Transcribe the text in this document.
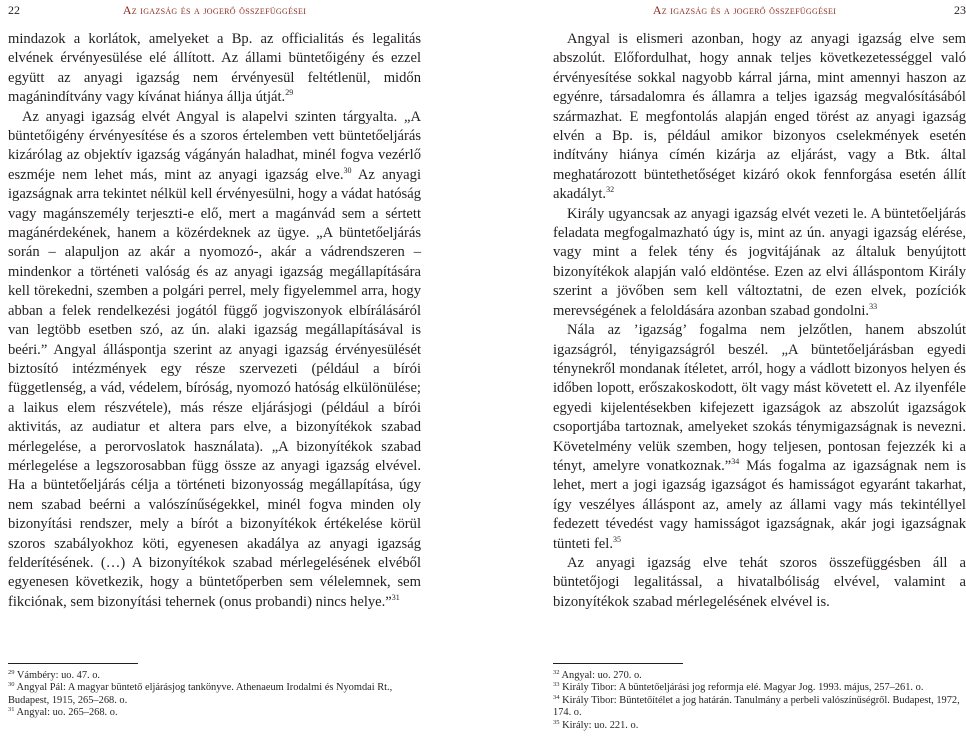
22	Az igazság és a jogerő összefüggései

mindazok a korlátok, amelyeket a Bp. az officialitás és legalitás elvének érvényesülése elé állított. Az állami büntetőigény és ezzel együtt az anyagi igazság nem érvényesül feltétlenül, midőn magánindítvány vagy kívánat hiánya állja útját.$^{29}$

Az anyagi igazság elvét Angyal is alapelvi szinten tárgyalta. „A büntetőigény érvényesítése és a szoros értelemben vett büntetőeljárás kizárólag az objektív igazság vágányán haladhat, minél fogva vezérlő eszméje nem lehet más, mint az anyagi igazság elve.$^{30}$ Az anyagi igazságnak arra tekintet nélkül kell érvényesülni, hogy a vádat hatóság vagy magánszemély terjeszti-e elő, mert a magánvád sem a sértett magánérdekének, hanem a közérdeknek az ügye. „A büntetőeljárás során – alapuljon az akár a nyomozó-, akár a vádrendszeren – mindenkor a történeti valóság és az anyagi igazság megállapítására kell törekedni, szemben a polgári perrel, mely figyelemmel arra, hogy abban a felek rendelkezési jogától függő jogviszonyok elbírálásáról van legtöbb esetben szó, az ún. alaki igazság megállapításával is beéri.” Angyal álláspontja szerint az anyagi igazság érvényesülését biztosító intézmények egy része szervezeti (például a bírói függetlenség, a vád, védelem, bíróság, nyomozó hatóság elkülönülése; a laikus elem részvétele), más része eljárásjogi (például a bírói aktivitás, az audiatur et altera pars elve, a bizonyítékok szabad mérlegelése, a perorvoslatok használata). „A bizonyítékok szabad mérlegelése a legszorosabban függ össze az anyagi igazság elvével. Ha a büntetőeljárás célja a történeti bizonyosság megállapítása, úgy nem szabad beérni a valószínűségekkel, minél fogva minden oly bizonyítási rendszer, mely a bírót a bizonyítékok értékelése körül szoros szabályokhoz köti, egyenesen akadálya az anyagi igazság felderítésének. (…) A bizonyítékok szabad mérlegelésének elvéből egyenesen következik, hogy a büntetőperben sem vélelemnek, sem fikciónak, sem bizonyítási tehernek (onus probandi) nincs helye.”$^{31}$

$^{29}$ Vámbéry: uo. 47. o.
$^{30}$ Angyal Pál: A magyar büntető eljárásjog tankönyve. Athenaeum Irodalmi és Nyomdai Rt., Budapest, 1915, 265–268. o.
$^{31}$ Angyal: uo. 265–268. o.
Az igazság és a jogerő összefüggései	23

Angyal is elismeri azonban, hogy az anyagi igazság elve sem abszolút. Előfordulhat, hogy annak teljes következetességgel való érvényesítése sokkal nagyobb kárral járna, mint amennyi haszon az egyénre, társadalomra és államra a teljes igazság megvalósításából származhat. E megfontolás alapján enged törést az anyagi igazság elvén a Bp. is, például amikor bizonyos cselekmények esetén indítvány hiánya címén kizárja az eljárást, vagy a Btk. által meghatározott büntethetőséget kizáró okok fennforgása esetén állít akadályt.$^{32}$

Király ugyancsak az anyagi igazság elvét vezeti le. A büntetőeljárás feladata megfogalmazható úgy is, mint az ún. anyagi igazság elérése, vagy mint a felek tény és jogvitájának az általuk benyújtott bizonyítékok alapján való eldöntése. Ezen az elvi álláspontom Király szerint a jövőben sem kell változtatni, de ezen elvek, pozíciók merevségének a feloldására azonban szabad gondolni.$^{33}$

Nála az ’igazság’ fogalma nem jelzőtlen, hanem abszolút igazságról, tényigazságról beszél. „A büntetőeljárásban egyedi ténynekről mondanak ítéletet, arról, hogy a vádlott bizonyos helyen és időben lopott, erőszakoskodott, ölt vagy mást követett el. Az ilyenféle egyedi kijelentésekben kifejezett igazságok az abszolút igazságok csoportjába tartoznak, amelyeket szokás ténymigazságnak is nevezni. Követelmény velük szemben, hogy teljesen, pontosan fejezzék ki a tényt, amelyre vonatkoznak.”$^{34}$ Más fogalma az igazságnak nem is lehet, mert a jogi igazság igazságot és hamisságot egyaránt takarhat, így veszélyes álláspont az, amely az állami vagy más tekintéllyel fedezett tévedést vagy hamisságot igazságnak, akár jogi igazságnak tünteti fel.$^{35}$

Az anyagi igazság elve tehát szoros összefüggésben áll a büntetőjogi legalitással, a hivatalbóliság elvével, valamint a bizonyítékok szabad mérlegelésének elvével is.

$^{32}$ Angyal: uo. 270. o.
$^{33}$ Király Tibor: A büntetőeljárási jog reformja elé. Magyar Jog. 1993. május, 257–261. o.
$^{34}$ Király Tibor: Büntetőítélet a jog határán. Tanulmány a perbeli valószínűségről. Budapest, 1972, 174. o.
$^{35}$ Király: uo. 221. o.
